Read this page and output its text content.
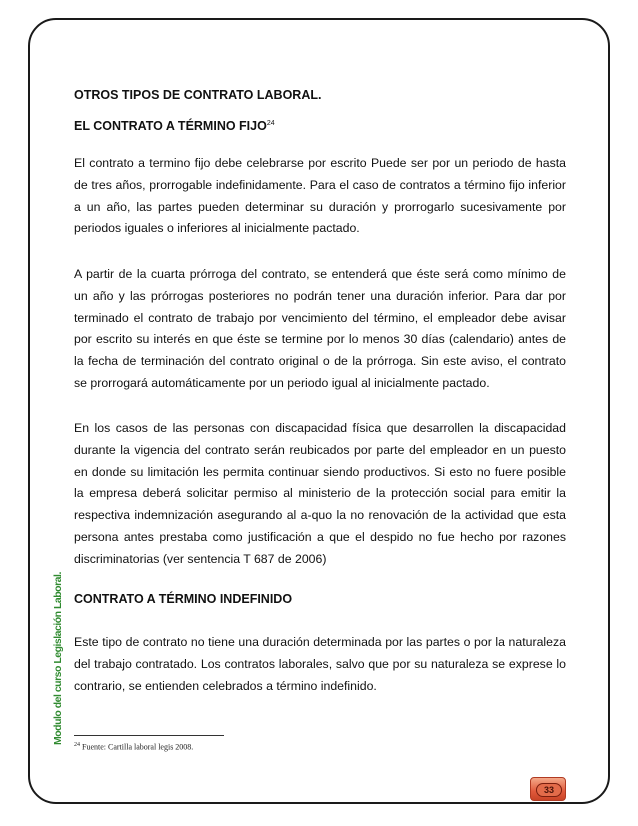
Modulo del curso Legislación Laboral.
OTROS TIPOS DE CONTRATO LABORAL.
EL CONTRATO A TÉRMINO FIJO$^{24}$
El contrato a termino fijo debe celebrarse por escrito Puede ser por un periodo de hasta de tres años, prorrogable indefinidamente. Para el caso de contratos a término fijo inferior a un año, las partes pueden determinar su duración y prorrogarlo sucesivamente por periodos iguales o inferiores al inicialmente pactado.
A partir de la cuarta prórroga del contrato, se entenderá que éste será como mínimo de un año y las prórrogas posteriores no podrán tener una duración inferior. Para dar por terminado el contrato de trabajo por vencimiento del término, el empleador debe avisar por escrito su interés en que éste se termine por lo menos 30 días (calendario) antes de la fecha de terminación del contrato original o de la prórroga. Sin este aviso, el contrato se prorrogará automáticamente por un periodo igual al inicialmente pactado.
En los casos de las personas con discapacidad física que desarrollen la discapacidad durante la vigencia del contrato serán reubicados por parte del empleador en un puesto en donde su limitación les permita continuar siendo productivos. Si esto no fuere posible la empresa deberá solicitar permiso al ministerio de la protección social para emitir la respectiva indemnización asegurando al a-quo la no renovación de la actividad que esta persona antes prestaba como justificación a que el despido no fue hecho por razones discriminatorias (ver sentencia T 687 de 2006)
CONTRATO A TÉRMINO INDEFINIDO
Este tipo de contrato no tiene una duración determinada por las partes o por la naturaleza del trabajo contratado. Los contratos laborales, salvo que por su naturaleza se exprese lo contrario, se entienden celebrados a término indefinido.
$^{24}$ Fuente: Cartilla laboral legis 2008.
33
